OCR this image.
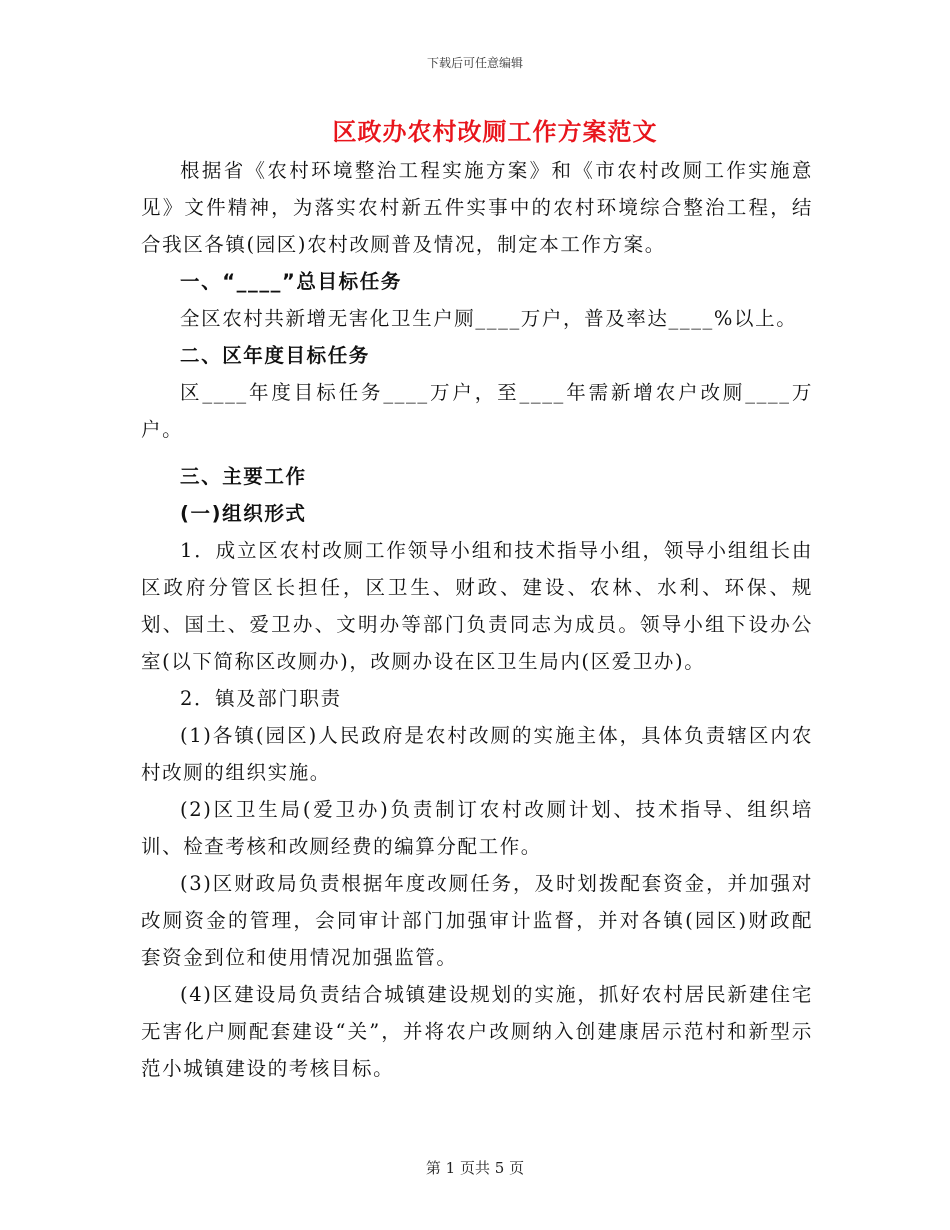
下载后可任意编辑
区政办农村改厕工作方案范文

根据省《农村环境整治工程实施方案》和《市农村改厕工作实施意见》文件精神，为落实农村新五件实事中的农村环境综合整治工程，结合我区各镇(园区)农村改厕普及情况，制定本工作方案。

一、“____”总目标任务

全区农村共新增无害化卫生户厕____万户，普及率达____%以上。

二、区年度目标任务

区____年度目标任务____万户，至____年需新增农户改厕____万户。

三、主要工作

(一)组织形式

1．成立区农村改厕工作领导小组和技术指导小组，领导小组组长由区政府分管区长担任，区卫生、财政、建设、农林、水利、环保、规划、国土、爱卫办、文明办等部门负责同志为成员。领导小组下设办公室(以下简称区改厕办)，改厕办设在区卫生局内(区爱卫办)。

2．镇及部门职责

(1)各镇(园区)人民政府是农村改厕的实施主体，具体负责辖区内农村改厕的组织实施。

(2)区卫生局(爱卫办)负责制订农村改厕计划、技术指导、组织培训、检查考核和改厕经费的编算分配工作。

(3)区财政局负责根据年度改厕任务，及时划拨配套资金，并加强对改厕资金的管理，会同审计部门加强审计监督，并对各镇(园区)财政配套资金到位和使用情况加强监管。

(4)区建设局负责结合城镇建设规划的实施，抓好农村居民新建住宅无害化户厕配套建设“关”，并将农户改厕纳入创建康居示范村和新型示范小城镇建设的考核目标。

第 1 页共 5 页
